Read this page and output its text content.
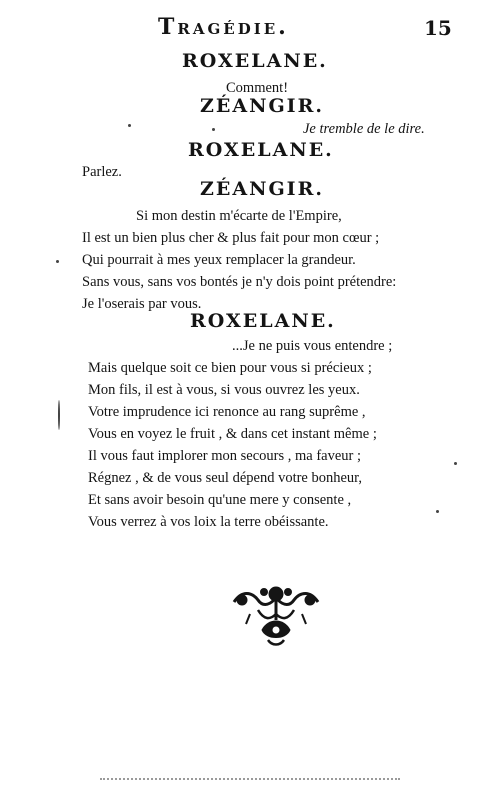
Tragédie.	15
ROXELANE.
Comment!
ZÉANGIR.
Je tremble de le dire.
ROXELANE.
Parlez.
ZÉANGIR.
Si mon destin m'écarte de l'Empire,
Il est un bien plus cher & plus fait pour mon cœur ;
Qui pourrait à mes yeux remplacer la grandeur.
Sans vous, sans vos bontés je n'y dois point prétendre:
Je l'oserais par vous.
ROXELANE.
...Je ne puis vous entendre ;
Mais quelque soit ce bien pour vous si précieux ;
Mon fils, il est à vous, si vous ouvrez les yeux.
Votre imprudence ici renonce au rang suprême ,
Vous en voyez le fruit , & dans cet instant même ;
Il vous faut implorer mon secours , ma faveur ;
Régnez , & de vous seul dépend votre bonheur,
Et sans avoir besoin qu'une mere y consente ,
Vous verrez à vos loix la terre obéissante.
